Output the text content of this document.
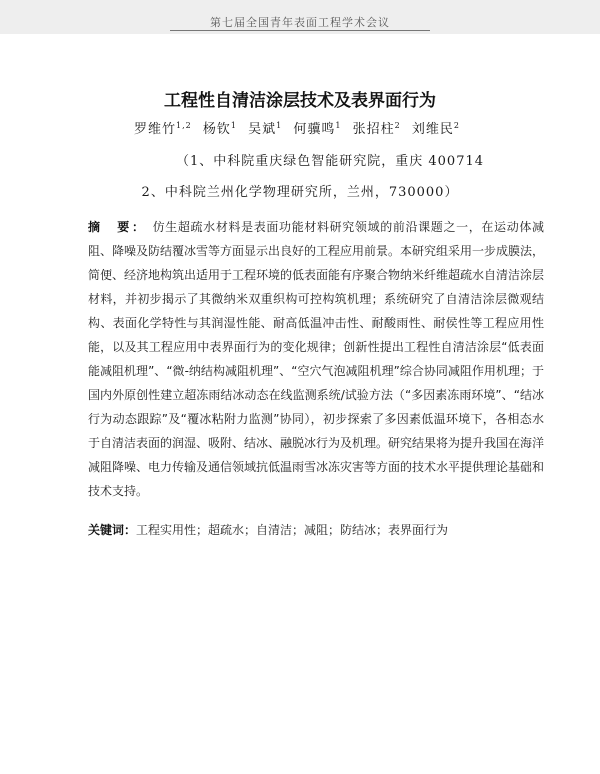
第七届全国青年表面工程学术会议
工程性自清洁涂层技术及表界面行为
罗维竹$^{1,2}$ 杨钦$^1$ 吴斌$^1$ 何骥鸣$^1$ 张招柱$^2$ 刘维民$^2$
（1、中科院重庆绿色智能研究院，重庆 400714
2、中科院兰州化学物理研究所，兰州，730000）
摘　要： 仿生超疏水材料是表面功能材料研究领域的前沿课题之一，在运动体减阻、降噪及防结覆冰雪等方面显示出良好的工程应用前景。本研究组采用一步成膜法，简便、经济地构筑出适用于工程环境的低表面能有序聚合物纳米纤维超疏水自清洁涂层材料，并初步揭示了其微纳米双重织构可控构筑机理；系统研究了自清洁涂层微观结构、表面化学特性与其润湿性能、耐高低温冲击性、耐酸雨性、耐侯性等工程应用性能，以及其工程应用中表界面行为的变化规律；创新性提出工程性自清洁涂层“低表面能减阻机理”、“微-纳结构减阻机理”、“空穴气泡减阻机理”综合协同减阻作用机理；于国内外原创性建立超冻雨结冰动态在线监测系统/试验方法（“多因素冻雨环境”、“结冰行为动态跟踪”及“覆冰粘附力监测”协同），初步探索了多因素低温环境下，各相态水于自清洁表面的润湿、吸附、结冰、融脱冰行为及机理。研究结果将为提升我国在海洋减阻降噪、电力传输及通信领域抗低温雨雪冰冻灾害等方面的技术水平提供理论基础和技术支持。
关键词：工程实用性；超疏水；自清洁；减阻；防结冰；表界面行为
